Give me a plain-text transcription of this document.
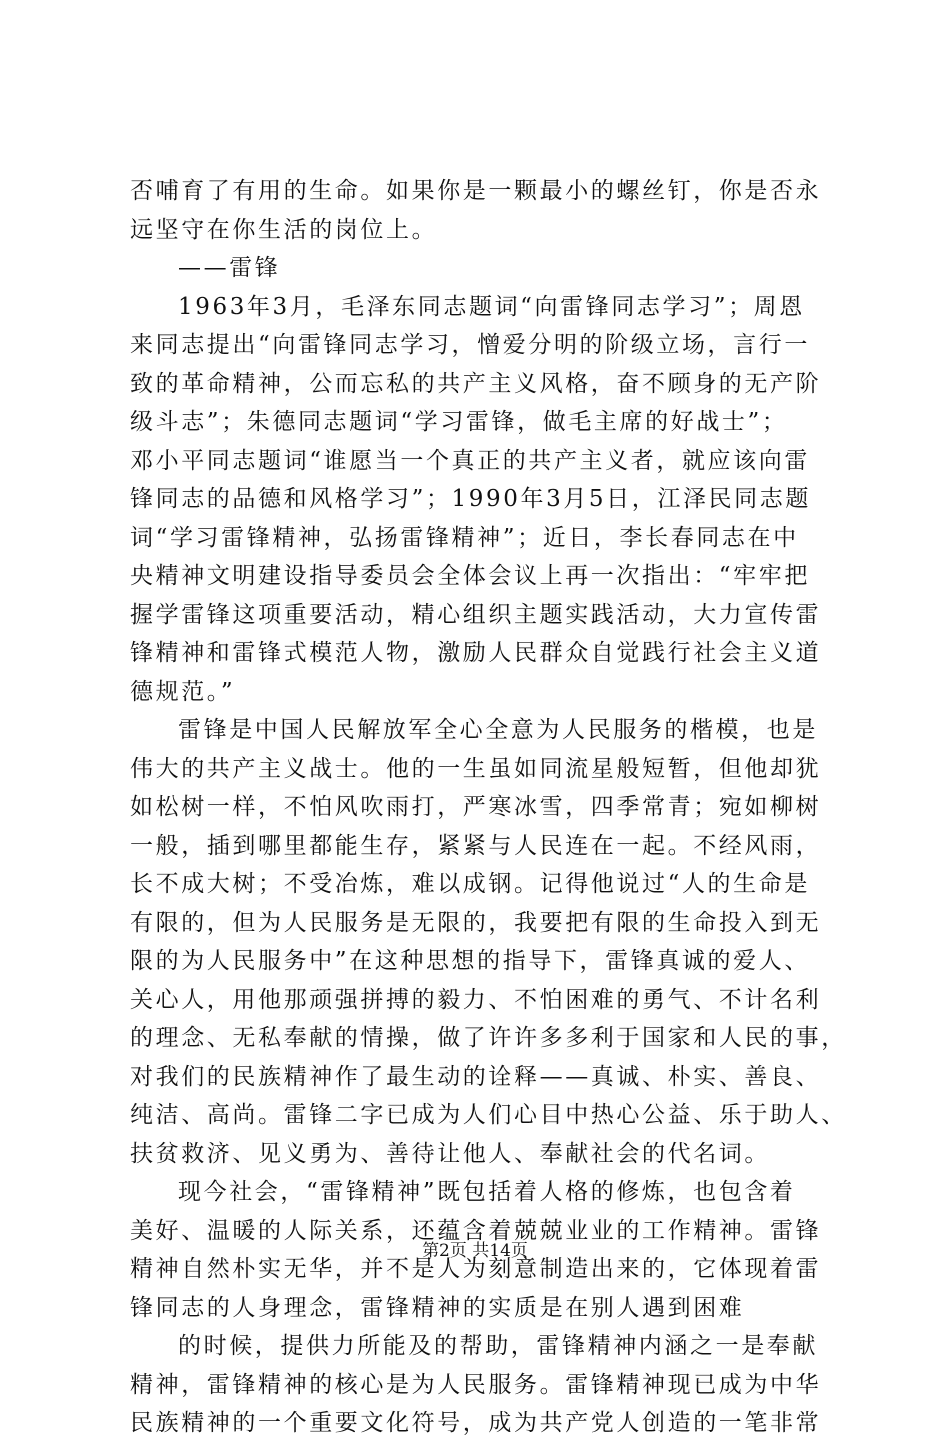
否哺育了有用的生命。如果你是一颗最小的螺丝钉，你是否永
远坚守在你生活的岗位上。
——雷锋
1963年3月，毛泽东同志题词“向雷锋同志学习”；周恩
来同志提出“向雷锋同志学习，憎爱分明的阶级立场，言行一
致的革命精神，公而忘私的共产主义风格，奋不顾身的无产阶
级斗志”；朱德同志题词“学习雷锋，做毛主席的好战士”；
邓小平同志题词“谁愿当一个真正的共产主义者，就应该向雷
锋同志的品德和风格学习”；1990年3月5日，江泽民同志题
词“学习雷锋精神，弘扬雷锋精神”；近日，李长春同志在中
央精神文明建设指导委员会全体会议上再一次指出：“牢牢把
握学雷锋这项重要活动，精心组织主题实践活动，大力宣传雷
锋精神和雷锋式模范人物，激励人民群众自觉践行社会主义道
德规范。”
雷锋是中国人民解放军全心全意为人民服务的楷模，也是
伟大的共产主义战士。他的一生虽如同流星般短暂，但他却犹
如松树一样，不怕风吹雨打，严寒冰雪，四季常青；宛如柳树
一般，插到哪里都能生存，紧紧与人民连在一起。不经风雨，
长不成大树；不受冶炼，难以成钢。记得他说过“人的生命是
有限的，但为人民服务是无限的，我要把有限的生命投入到无
限的为人民服务中”在这种思想的指导下，雷锋真诚的爱人、
关心人，用他那顽强拼搏的毅力、不怕困难的勇气、不计名利
的理念、无私奉献的情操，做了许许多多利于国家和人民的事，
对我们的民族精神作了最生动的诠释——真诚、朴实、善良、
纯洁、高尚。雷锋二字已成为人们心目中热心公益、乐于助人、
扶贫救济、见义勇为、善待让他人、奉献社会的代名词。
现今社会，“雷锋精神”既包括着人格的修炼，也包含着
美好、温暖的人际关系，还蕴含着兢兢业业的工作精神。雷锋
精神自然朴实无华，并不是人为刻意制造出来的，它体现着雷
锋同志的人身理念，雷锋精神的实质是在别人遇到困难
的时候，提供力所能及的帮助，雷锋精神内涵之一是奉献
精神，雷锋精神的核心是为人民服务。雷锋精神现已成为中华
民族精神的一个重要文化符号，成为共产党人创造的一笔非常
第2页 共14页
